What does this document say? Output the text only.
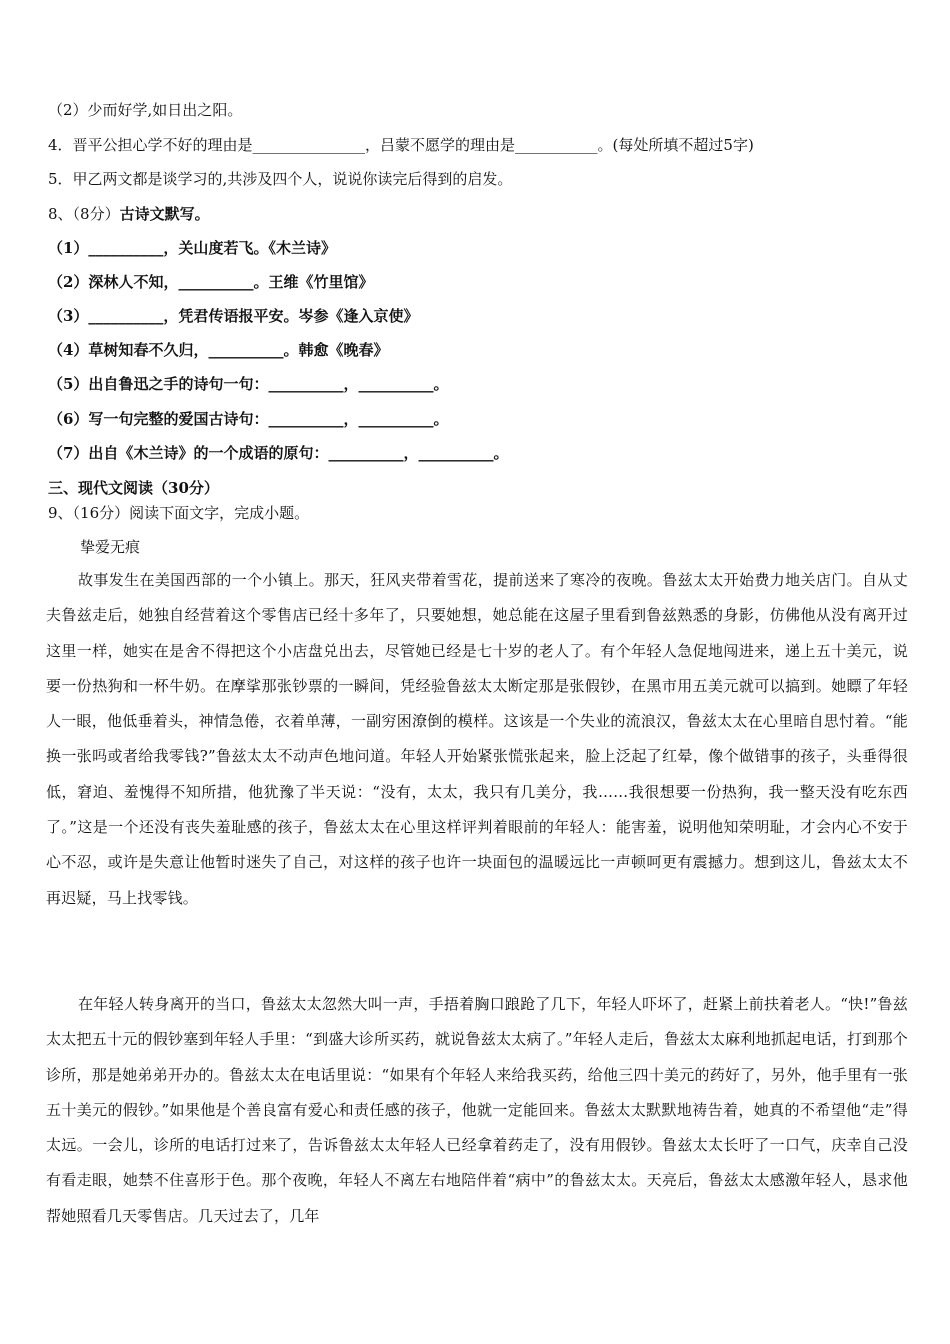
（2）少而好学,如日出之阳。
4．晋平公担心学不好的理由是_______________，吕蒙不愿学的理由是___________。(每处所填不超过5字)
5．甲乙两文都是谈学习的,共涉及四个人，说说你读完后得到的启发。
8、（8分）古诗文默写。
（1）__________，关山度若飞。《木兰诗》
（2）深林人不知，__________。王维《竹里馆》
（3）__________，凭君传语报平安。岑参《逢入京使》
（4）草树知春不久归，__________。韩愈《晚春》
（5）出自鲁迅之手的诗句一句：__________，__________。
（6）写一句完整的爱国古诗句：__________，__________。
（7）出自《木兰诗》的一个成语的原句：__________，__________。
三、现代文阅读（30分）
9、（16分）阅读下面文字，完成小题。
挚爱无痕
故事发生在美国西部的一个小镇上。那天，狂风夹带着雪花，提前送来了寒冷的夜晚。鲁兹太太开始费力地关店门。自从丈夫鲁兹走后，她独自经营着这个零售店已经十多年了，只要她想，她总能在这屋子里看到鲁兹熟悉的身影，仿佛他从没有离开过这里一样，她实在是舍不得把这个小店盘兑出去，尽管她已经是七十岁的老人了。有个年轻人急促地闯进来，递上五十美元，说要一份热狗和一杯牛奶。在摩挲那张钞票的一瞬间，凭经验鲁兹太太断定那是张假钞，在黑市用五美元就可以搞到。她瞟了年轻人一眼，他低垂着头，神情急倦，衣着单薄，一副穷困潦倒的模样。这该是一个失业的流浪汉，鲁兹太太在心里暗自思忖着。“能换一张吗或者给我零钱?”鲁兹太太不动声色地问道。年轻人开始紧张慌张起来，脸上泛起了红晕，像个做错事的孩子，头垂得很低，窘迫、羞愧得不知所措，他犹豫了半天说：“没有，太太，我只有几美分，我……我很想要一份热狗，我一整天没有吃东西了。”这是一个还没有丧失羞耻感的孩子，鲁兹太太在心里这样评判着眼前的年轻人：能害羞，说明他知荣明耻，才会内心不安于心不忍，或许是失意让他暂时迷失了自己，对这样的孩子也许一块面包的温暖远比一声顿呵更有震撼力。想到这儿，鲁兹太太不再迟疑，马上找零钱。
在年轻人转身离开的当口，鲁兹太太忽然大叫一声，手捂着胸口踉跄了几下，年轻人吓坏了，赶紧上前扶着老人。“快!”鲁兹太太把五十元的假钞塞到年轻人手里：“到盛大诊所买药，就说鲁兹太太病了。”年轻人走后，鲁兹太太麻利地抓起电话，打到那个诊所，那是她弟弟开办的。鲁兹太太在电话里说：“如果有个年轻人来给我买药，给他三四十美元的药好了，另外，他手里有一张五十美元的假钞。”如果他是个善良富有爱心和责任感的孩子，他就一定能回来。鲁兹太太默默地祷告着，她真的不希望他“走”得太远。一会儿，诊所的电话打过来了，告诉鲁兹太太年轻人已经拿着药走了，没有用假钞。鲁兹太太长吁了一口气，庆幸自己没有看走眼，她禁不住喜形于色。那个夜晚，年轻人不离左右地陪伴着“病中”的鲁兹太太。天亮后，鲁兹太太感激年轻人，恳求他帮她照看几天零售店。几天过去了，几年
